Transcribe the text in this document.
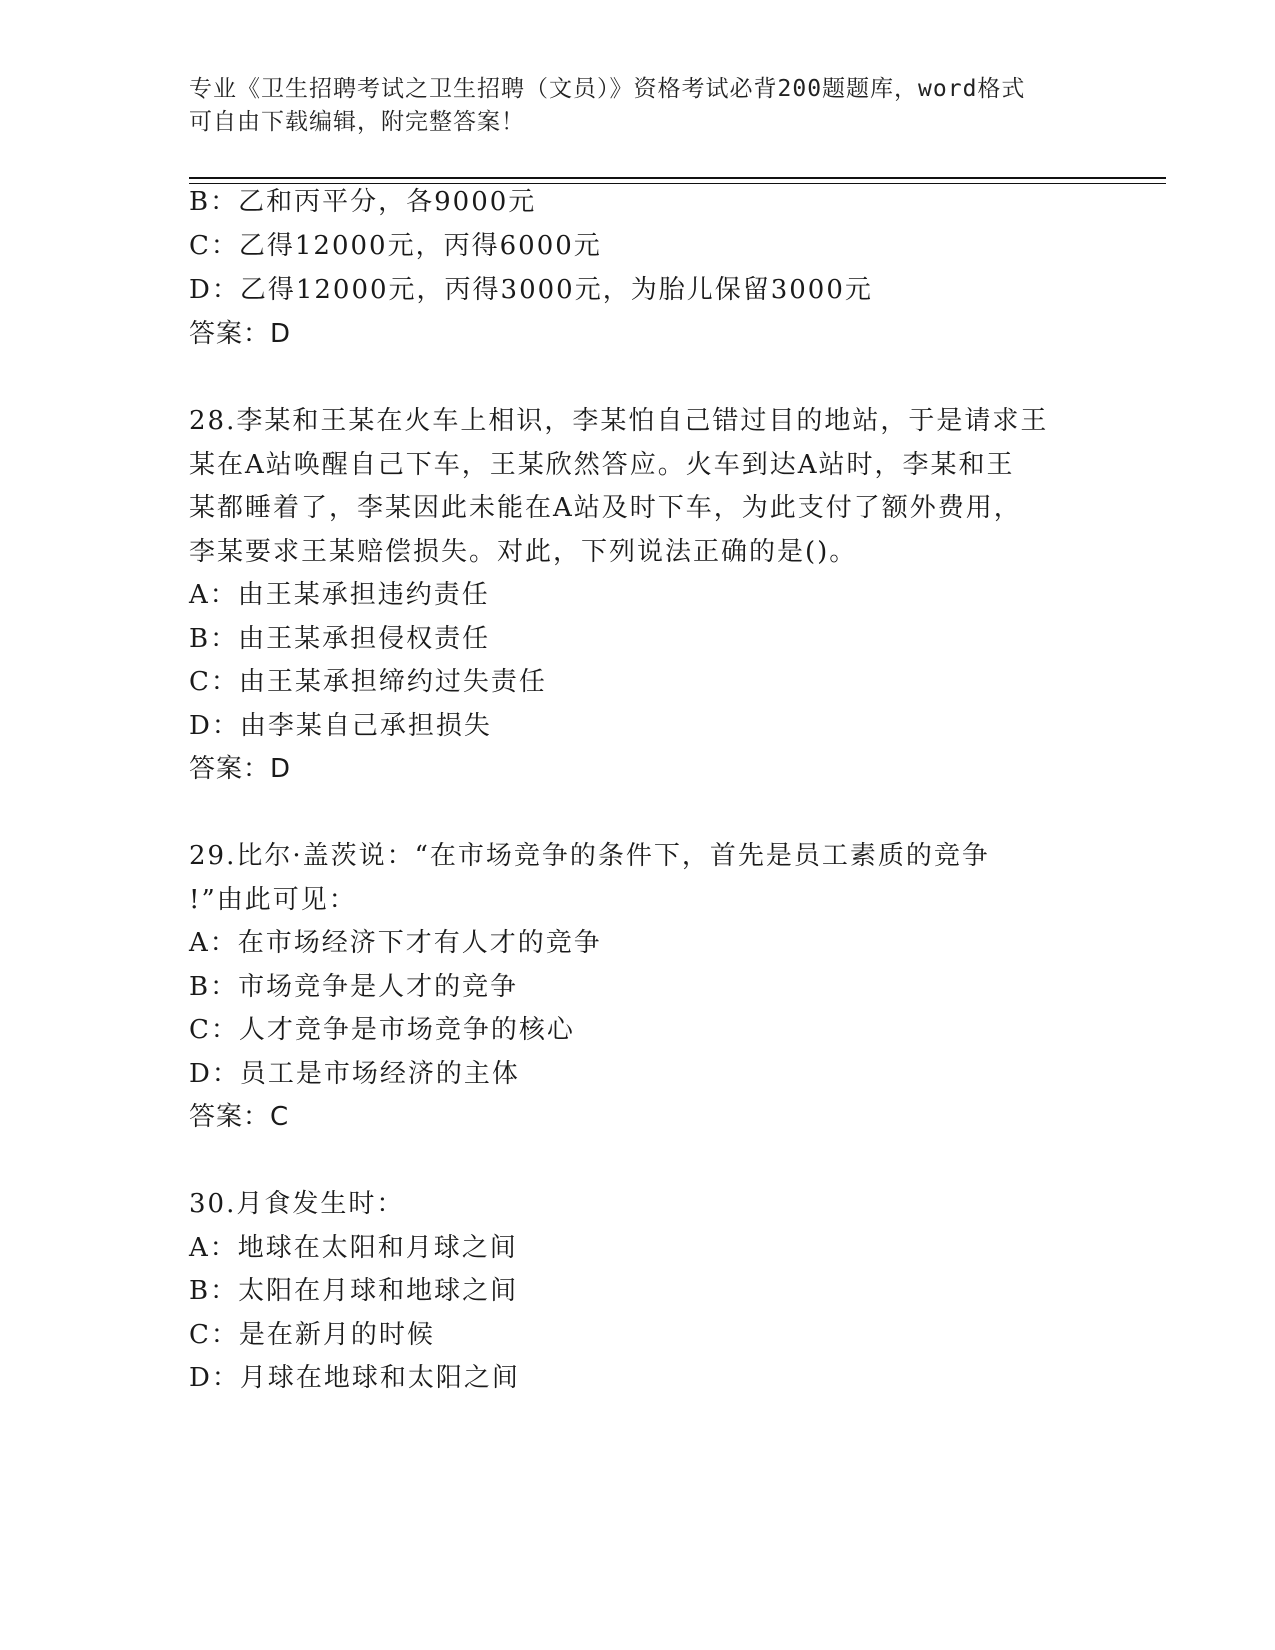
专业《卫生招聘考试之卫生招聘（文员）》资格考试必背200题题库，word格式
可自由下载编辑，附完整答案！
B：乙和丙平分，各9000元
C：乙得12000元，丙得6000元
D：乙得12000元，丙得3000元，为胎儿保留3000元
答案：D
28.李某和王某在火车上相识，李某怕自己错过目的地站，于是请求王
某在A站唤醒自己下车，王某欣然答应。火车到达A站时，李某和王
某都睡着了，李某因此未能在A站及时下车，为此支付了额外费用，
李某要求王某赔偿损失。对此，下列说法正确的是()。
A：由王某承担违约责任
B：由王某承担侵权责任
C：由王某承担缔约过失责任
D：由李某自己承担损失
答案：D
29.比尔·盖茨说：“在市场竞争的条件下，首先是员工素质的竞争
!”由此可见：
A：在市场经济下才有人才的竞争
B：市场竞争是人才的竞争
C：人才竞争是市场竞争的核心
D：员工是市场经济的主体
答案：C
30.月食发生时：
A：地球在太阳和月球之间
B：太阳在月球和地球之间
C：是在新月的时候
D：月球在地球和太阳之间
